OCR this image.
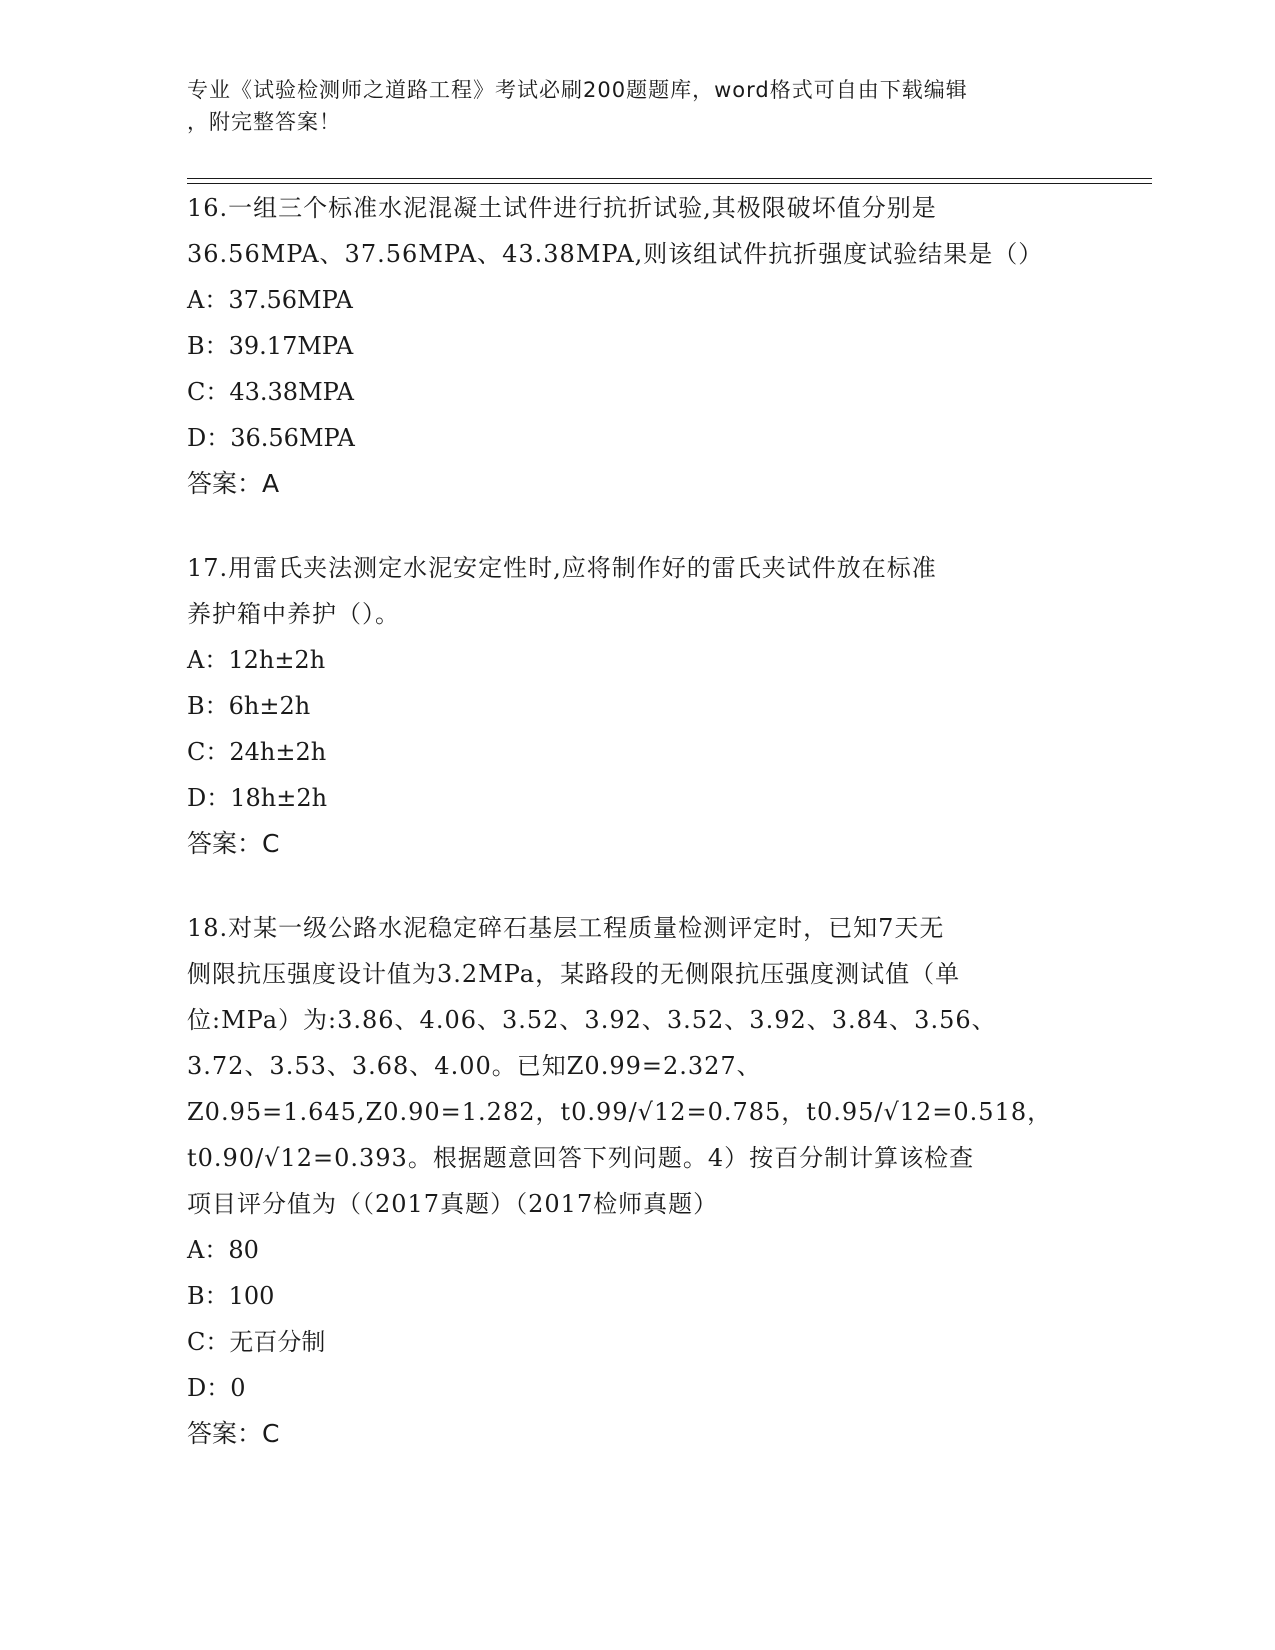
专业《试验检测师之道路工程》考试必刷200题题库，word格式可自由下载编辑
，附完整答案！
16.一组三个标准水泥混凝土试件进行抗折试验,其极限破坏值分别是
36.56MPA、37.56MPA、43.38MPA,则该组试件抗折强度试验结果是（）
A：37.56MPA
B：39.17MPA
C：43.38MPA
D：36.56MPA
答案：A
17.用雷氏夹法测定水泥安定性时,应将制作好的雷氏夹试件放在标准
养护箱中养护（）。
A：12h±2h
B：6h±2h
C：24h±2h
D：18h±2h
答案：C
18.对某一级公路水泥稳定碎石基层工程质量检测评定时，已知7天无
侧限抗压强度设计值为3.2MPa，某路段的无侧限抗压强度测试值（单
位:MPa）为:3.86、4.06、3.52、3.92、3.52、3.92、3.84、3.56、
3.72、3.53、3.68、4.00。已知Z0.99=2.327、
Z0.95=1.645,Z0.90=1.282，t0.99/√12=0.785，t0.95/√12=0.518，
t0.90/√12=0.393。根据题意回答下列问题。4）按百分制计算该检查
项目评分值为（（2017真题）（2017检师真题）
A：80
B：100
C：无百分制
D：0
答案：C
